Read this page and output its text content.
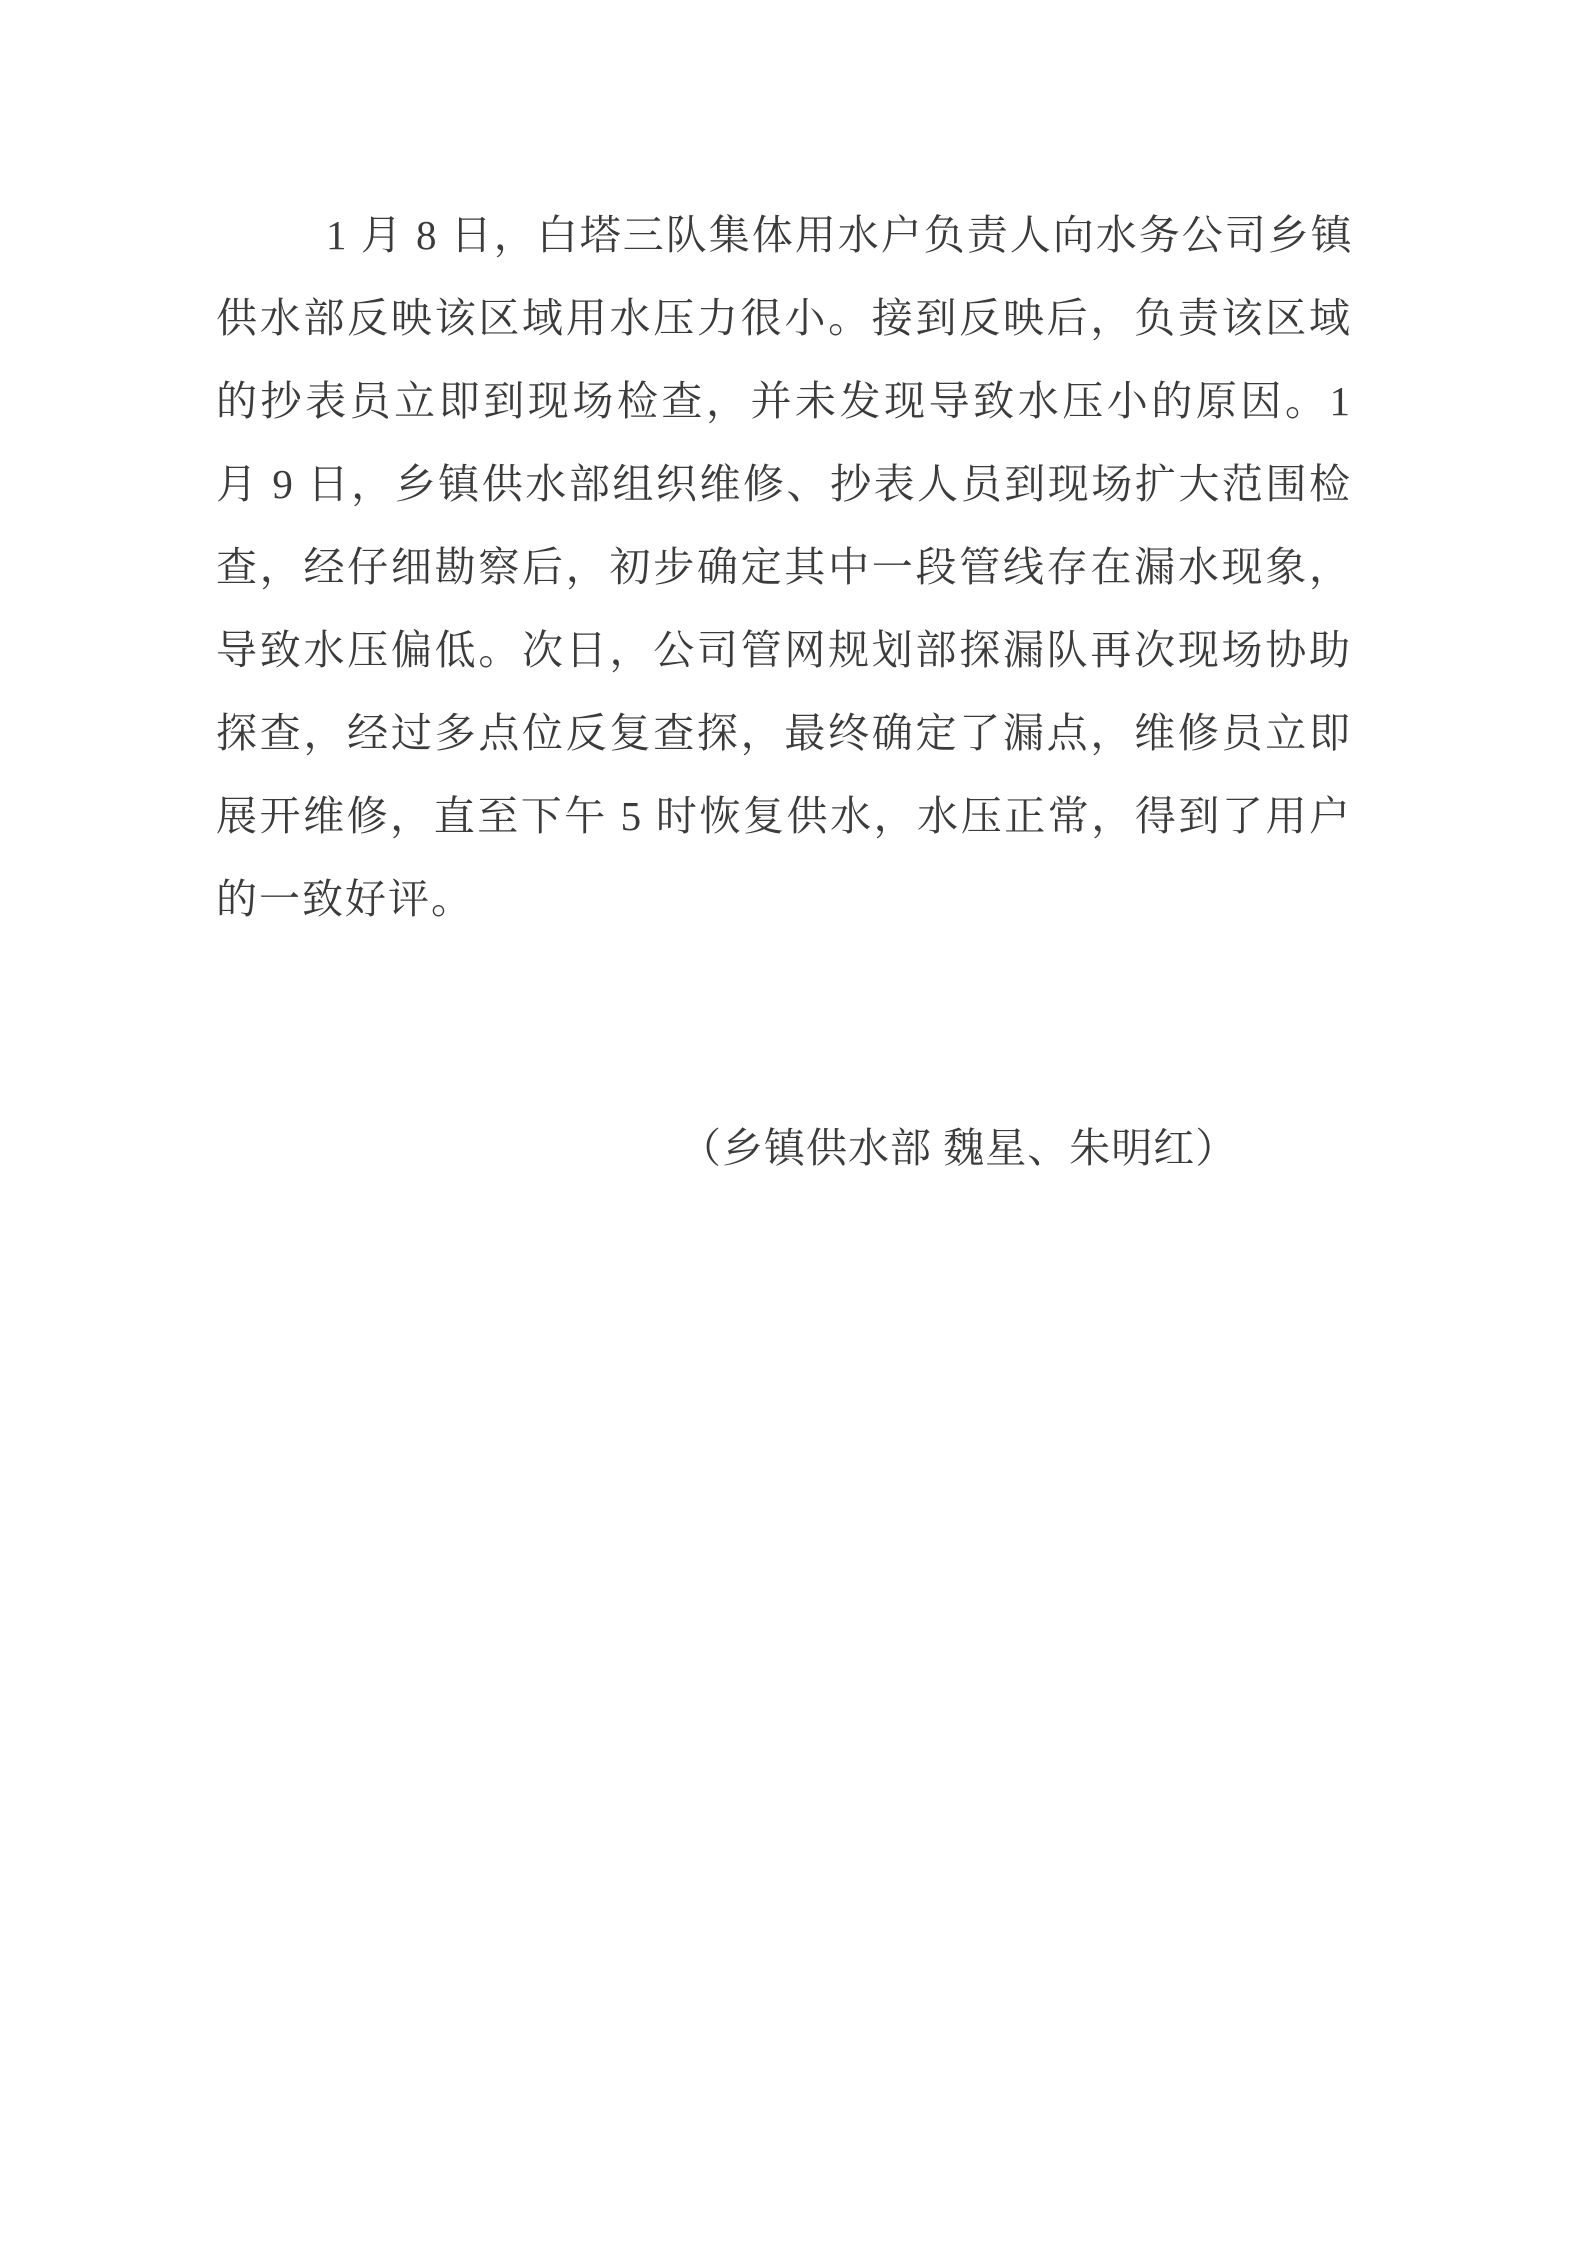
1 月 8 日，白塔三队集体用水户负责人向水务公司乡镇
供水部反映该区域用水压力很小。接到反映后，负责该区域
的抄表员立即到现场检查，并未发现导致水压小的原因。1
月 9 日，乡镇供水部组织维修、抄表人员到现场扩大范围检
查，经仔细勘察后，初步确定其中一段管线存在漏水现象，
导致水压偏低。次日，公司管网规划部探漏队再次现场协助
探查，经过多点位反复查探，最终确定了漏点，维修员立即
展开维修，直至下午 5 时恢复供水，水压正常，得到了用户
的一致好评。
（乡镇供水部 魏星、朱明红）
